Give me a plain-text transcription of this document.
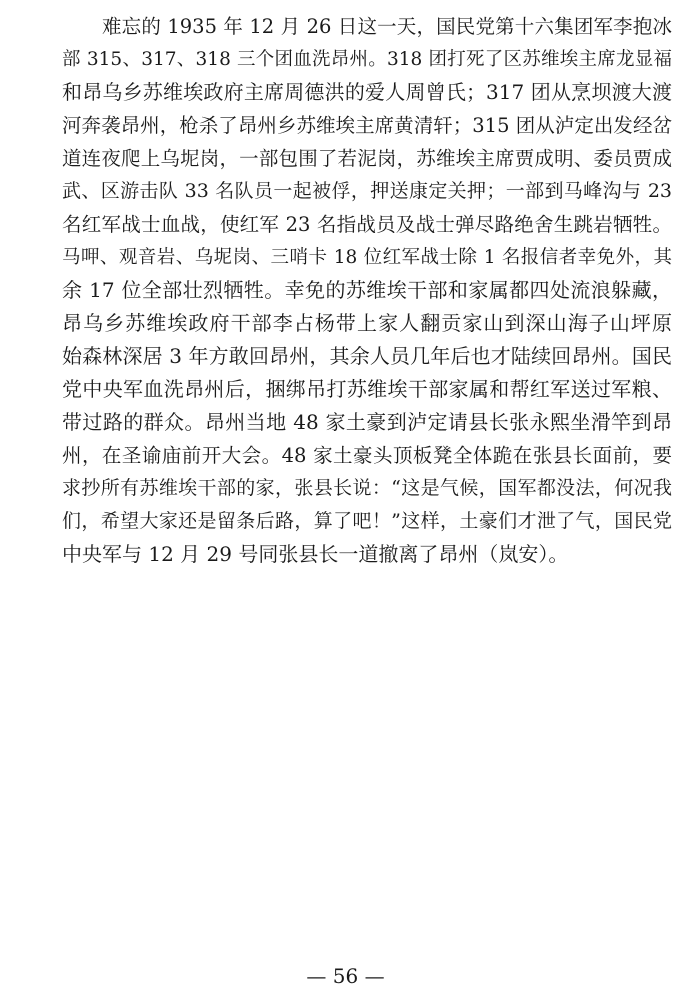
难忘的 1935 年 12 月 26 日这一天，国民党第十六集团军李抱冰
部 315、317、318 三个团血洗昂州。318 团打死了区苏维埃主席龙显福
和昂乌乡苏维埃政府主席周德洪的爱人周曾氏；317 团从烹坝渡大渡
河奔袭昂州，枪杀了昂州乡苏维埃主席黄清轩；315 团从泸定出发经岔
道连夜爬上乌坭岗，一部包围了若泥岗，苏维埃主席贾成明、委员贾成
武、区游击队 33 名队员一起被俘，押送康定关押；一部到马峰沟与 23
名红军战士血战，使红军 23 名指战员及战士弹尽路绝舍生跳岩牺牲。
马呷、观音岩、乌坭岗、三哨卡 18 位红军战士除 1 名报信者幸免外，其
余 17 位全部壮烈牺牲。幸免的苏维埃干部和家属都四处流浪躲藏，
昂乌乡苏维埃政府干部李占杨带上家人翻贡家山到深山海子山坪原
始森林深居 3 年方敢回昂州，其余人员几年后也才陆续回昂州。国民
党中央军血洗昂州后，捆绑吊打苏维埃干部家属和帮红军送过军粮、
带过路的群众。昂州当地 48 家土豪到泸定请县长张永熙坐滑竿到昂
州，在圣谕庙前开大会。48 家土豪头顶板凳全体跪在张县长面前，要
求抄所有苏维埃干部的家，张县长说：“这是气候，国军都没法，何况我
们，希望大家还是留条后路，算了吧！”这样，土豪们才泄了气，国民党
中央军与 12 月 29 号同张县长一道撤离了昂州（岚安）。
— 56 —
